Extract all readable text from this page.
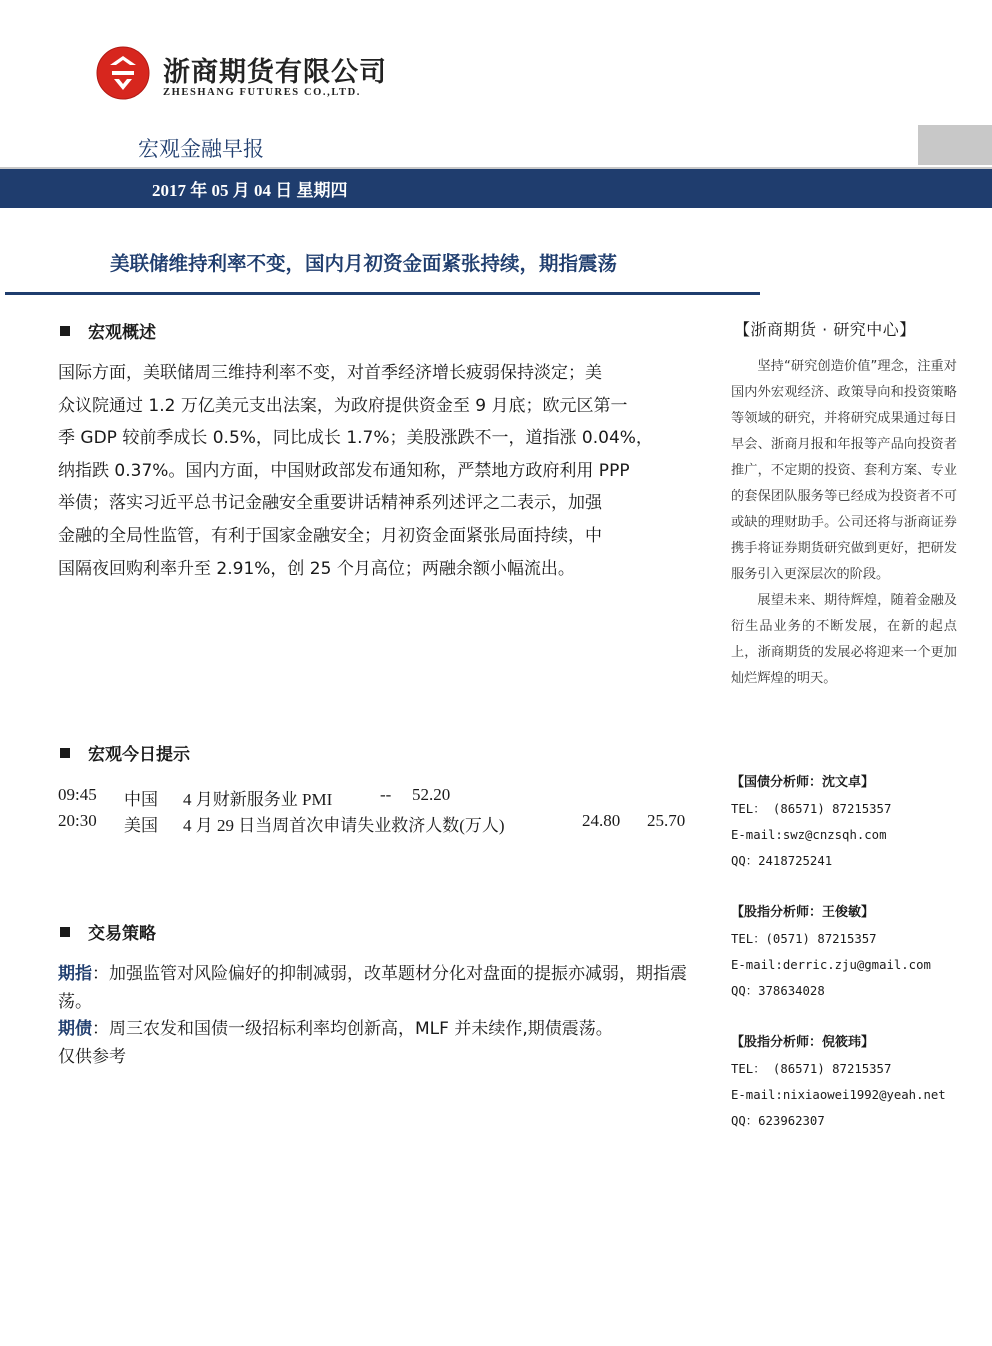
浙商期货有限公司
ZHESHANG FUTURES CO.,LTD.
宏观金融早报
2017 年 05 月 04 日 星期四
美联储维持利率不变，国内月初资金面紧张持续，期指震荡
宏观概述
国际方面，美联储周三维持利率不变，对首季经济增长疲弱保持淡定；美
众议院通过 1.2 万亿美元支出法案，为政府提供资金至 9 月底；欧元区第一
季 GDP 较前季成长 0.5%，同比成长 1.7%；美股涨跌不一，道指涨 0.04%，
纳指跌 0.37%。国内方面，中国财政部发布通知称，严禁地方政府利用 PPP
举债；落实习近平总书记金融安全重要讲话精神系列述评之二表示，加强
金融的全局性监管，有利于国家金融安全；月初资金面紧张局面持续，中
国隔夜回购利率升至 2.91%，创 25 个月高位；两融余额小幅流出。
宏观今日提示

09:45

中国

4 月财新服务业 PMI

	--

52.20

20:30

美国

4 月 29 日当周首次申请失业救济人数(万人)

	24.80

25.70

交易策略
期指：加强监管对风险偏好的抑制减弱，改革题材分化对盘面的提振亦减弱，期指震荡。
期债：周三农发和国债一级招标利率均创新高，MLF 并未续作,期债震荡。
仅供参考
【浙商期货 · 研究中心】

坚持“研究创造价值”理念，注重对国内外宏观经济、政策导向和投资策略等领域的研究，并将研究成果通过每日早会、浙商月报和年报等产品向投资者推广，不定期的投资、套利方案、专业的套保团队服务等已经成为投资者不可或缺的理财助手。公司还将与浙商证券携手将证券期货研究做到更好，把研发服务引入更深层次的阶段。

展望未来、期待辉煌，随着金融及衍生品业务的不断发展，在新的起点上，浙商期货的发展必将迎来一个更加灿烂辉煌的明天。

【国债分析师：沈文卓】
TEL： (86571) 87215357
E-mail:swz@cnzsqh.com
QQ：2418725241
【股指分析师：王俊敏】
TEL：(0571) 87215357
E-mail:derric.zju@gmail.com
QQ：378634028
【股指分析师：倪筱玮】
TEL： (86571) 87215357
E-mail:nixiaowei1992@yeah.net
QQ：623962307
